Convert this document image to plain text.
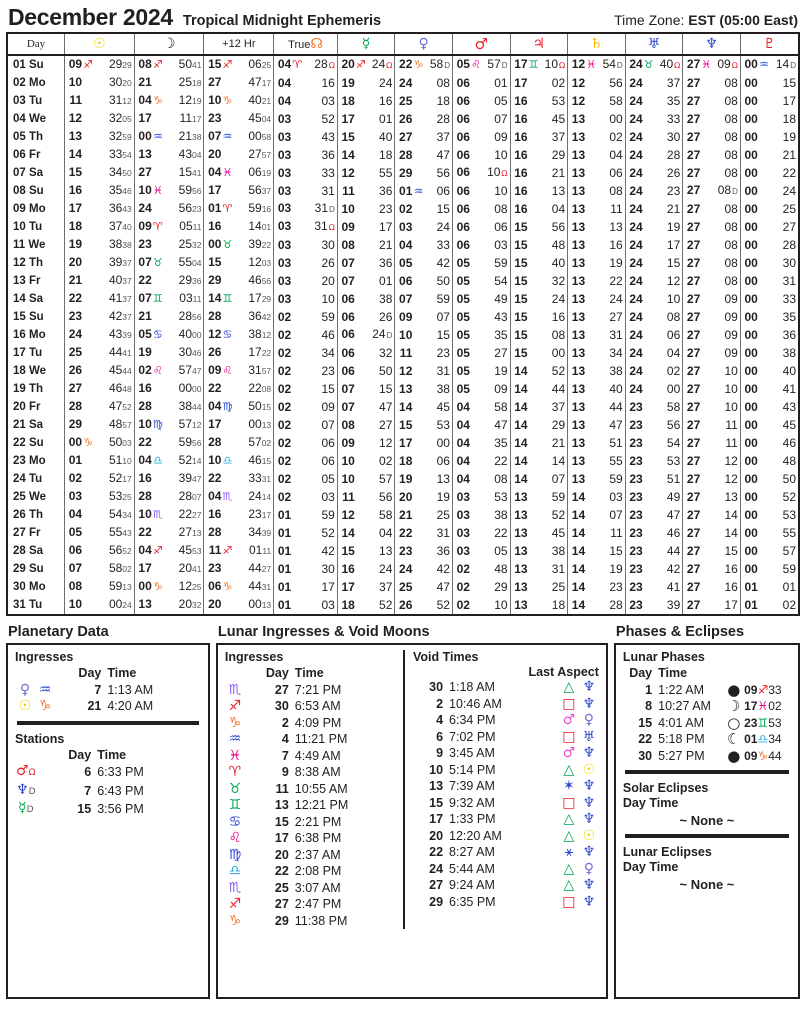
December 2024 Tropical Midnight Ephemeris	Time Zone: EST (05:00 East)
Day	☉	☽	+12 Hr	True☊	☿	♀	♂	♃	♄	♅	♆	♇

01 Su	09 ♐ 2929	08 ♐ 5041	15 ♐ 0625	04 ♈ 28Ω	20 ♐ 24Ω	22 ♑ 58D	05 ♌ 57D	17 ♊ 10Ω	12 ♓ 54D	24 ♉ 40Ω	27 ♓ 09Ω	00 ♒ 14D

02 Mo	10 3020	21 2518	27 4717	04 16	19 24	24 08	06 01	17 02	12 56	24 37	27 08	00 15

03 Tu	11 3112	04 ♑ 1219	10 ♑ 4021	04 03	18 16	25 18	06 05	16 53	12 58	24 35	27 08	00 17

04 We	12 3205	17 1117	23 4504	03 52	17 01	26 28	06 07	16 45	13 00	24 33	27 08	00 18

05 Th	13 3259	00 ♒ 2138	07 ♒ 0058	03 43	15 40	27 37	06 09	16 37	13 02	24 30	27 08	00 19

06 Fr	14 3354	13 4304	20 2757	03 36	14 18	28 47	06 10	16 29	13 04	24 28	27 08	00 21

07 Sa	15 3450	27 1541	04 ♓ 0619	03 33	12 55	29 56	06 10Ω	16 21	13 06	24 26	27 08	00 22

08 Su	16 3546	10 ♓ 5956	17 5637	03 31	11 36	01 ♒ 06	06 10	16 13	13 08	24 23	27 08D	00 24

09 Mo	17 3643	24 5623	01 ♈ 5916	03 31D	10 23	02 15	06 08	16 04	13 11	24 21	27 08	00 25

10 Tu	18 3740	09 ♈ 0511	16 1401	03 31Ω	09 17	03 24	06 06	15 56	13 13	24 19	27 08	00 27

11 We	19 3838	23 2532	00 ♉ 3922	03 30	08 21	04 33	06 03	15 48	13 16	24 17	27 08	00 28

12 Th	20 3937	07 ♉ 5504	15 1203	03 26	07 36	05 42	05 59	15 40	13 19	24 15	27 08	00 30

13 Fr	21 4037	22 2936	29 4656	03 20	07 01	06 50	05 54	15 32	13 22	24 12	27 08	00 31

14 Sa	22 4137	07 ♊ 0311	14 ♊ 1729	03 10	06 38	07 59	05 49	15 24	13 24	24 10	27 09	00 33

15 Su	23 4237	21 2856	28 3642	02 59	06 26	09 07	05 43	15 16	13 27	24 08	27 09	00 35

16 Mo	24 4339	05 ♋ 4000	12 ♋ 3812	02 46	06 24D	10 15	05 35	15 08	13 31	24 06	27 09	00 36

17 Tu	25 4441	19 3046	26 1722	02 34	06 32	11 23	05 27	15 00	13 34	24 04	27 09	00 38

18 We	26 4544	02 ♌ 5747	09 ♌ 3157	02 23	06 50	12 31	05 19	14 52	13 38	24 02	27 10	00 40

19 Th	27 4648	16 0000	22 2208	02 15	07 15	13 38	05 09	14 44	13 40	24 00	27 10	00 41

20 Fr	28 4752	28 3844	04 ♍ 5015	02 09	07 47	14 45	04 58	14 37	13 44	23 58	27 10	00 43

21 Sa	29 4857	10 ♍ 5712	17 0013	02 07	08 27	15 53	04 47	14 29	13 47	23 56	27 11	00 45

22 Su	00 ♑ 5003	22 5956	28 5702	02 06	09 12	17 00	04 35	14 21	13 51	23 54	27 11	00 46

23 Mo	01 5110	04 ♎ 5214	10 ♎ 4615	02 06	10 02	18 06	04 22	14 14	13 55	23 53	27 12	00 48

24 Tu	02 5217	16 3947	22 3331	02 05	10 57	19 13	04 08	14 07	13 59	23 51	27 12	00 50

25 We	03 5325	28 2807	04 ♏ 2414	02 03	11 56	20 19	03 53	13 59	14 03	23 49	27 13	00 52

26 Th	04 5434	10 ♏ 2227	16 2317	01 59	12 58	21 25	03 38	13 52	14 07	23 47	27 14	00 53

27 Fr	05 5543	22 2713	28 3439	01 52	14 04	22 31	03 22	13 45	14 11	23 46	27 14	00 55

28 Sa	06 5652	04 ♐ 4553	11 ♐ 0111	01 42	15 13	23 36	03 05	13 38	14 15	23 44	27 15	00 57

29 Su	07 5802	17 2041	23 4427	01 30	16 24	24 42	02 48	13 31	14 19	23 42	27 16	00 59

30 Mo	08 5913	00 ♑ 1225	06 ♑ 4431	01 17	17 37	25 47	02 29	13 25	14 23	23 41	27 16	01 01

31 Tu	10 0024	13 2032	20 0013	01 03	18 52	26 52	02 10	13 18	14 28	23 39	27 17	01 02
Planetary Data
Ingresses
		Day	Time
♀	♒	7	1:13 AM
☉	♑	21	4:20 AM
Stations
		Day	Time
♂Ω		6	6:33 PM
♆D		7	6:43 PM
☿D		15	3:56 PM
Lunar Ingresses & Void Moons
Ingresses
	Day	Time
♏	27	7:21 PM
♐	30	6:53 AM
♑	2	4:09 PM
♒	4	11:21 PM
♓	7	4:49 AM
♈	9	8:38 AM
♉	11	10:55 AM
♊	13	12:21 PM
♋	15	2:21 PM
♌	17	6:38 PM
♍	20	2:37 AM
♎	22	2:08 PM
♏	25	3:07 AM
♐	27	2:47 PM
♑	29	11:38 PM
Void Times
Last Aspect
30	1:18 AM	△	♆
2	10:46 AM	□	♆
4	6:34 PM	♂	♀
6	7:02 PM	□	♅
9	3:45 AM	♂	♆
10	5:14 PM	△	☉
13	7:39 AM	✶	♆
15	9:32 AM	□	♆
17	1:33 PM	△	♆
20	12:20 AM	△	☉
22	8:27 AM	⚹	♆
24	5:44 AM	△	♀
27	9:24 AM	△	♆
29	6:35 PM	□	♆
Phases & Eclipses
Lunar Phases
Day	Time		
1	1:22 AM	●	09♐33
8	10:27 AM	☽	17♓02
15	4:01 AM	○	23♊53
22	5:18 PM	☾	01♎34
30	5:27 PM	●	09♑44
Solar Eclipses
Day Time
~ None ~
Lunar Eclipses
Day Time
~ None ~
